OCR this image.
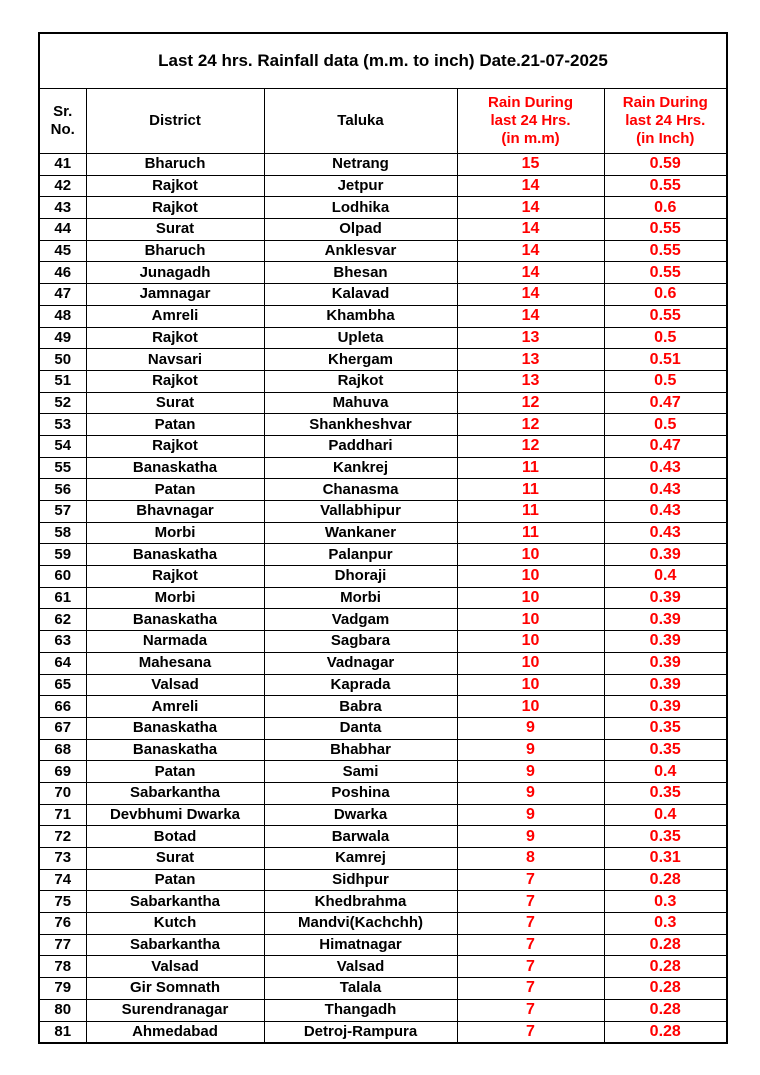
Last 24 hrs. Rainfall data (m.m. to inch) Date.21-07-2025
Sr.
No.	District	Taluka	Rain During
last 24 Hrs.
(in m.m)	Rain During
last 24 Hrs.
(in Inch)
41	Bharuch	Netrang	15	0.59
42	Rajkot	Jetpur	14	0.55
43	Rajkot	Lodhika	14	0.6
44	Surat	Olpad	14	0.55
45	Bharuch	Anklesvar	14	0.55
46	Junagadh	Bhesan	14	0.55
47	Jamnagar	Kalavad	14	0.6
48	Amreli	Khambha	14	0.55
49	Rajkot	Upleta	13	0.5
50	Navsari	Khergam	13	0.51
51	Rajkot	Rajkot	13	0.5
52	Surat	Mahuva	12	0.47
53	Patan	Shankheshvar	12	0.5
54	Rajkot	Paddhari	12	0.47
55	Banaskatha	Kankrej	11	0.43
56	Patan	Chanasma	11	0.43
57	Bhavnagar	Vallabhipur	11	0.43
58	Morbi	Wankaner	11	0.43
59	Banaskatha	Palanpur	10	0.39
60	Rajkot	Dhoraji	10	0.4
61	Morbi	Morbi	10	0.39
62	Banaskatha	Vadgam	10	0.39
63	Narmada	Sagbara	10	0.39
64	Mahesana	Vadnagar	10	0.39
65	Valsad	Kaprada	10	0.39
66	Amreli	Babra	10	0.39
67	Banaskatha	Danta	9	0.35
68	Banaskatha	Bhabhar	9	0.35
69	Patan	Sami	9	0.4
70	Sabarkantha	Poshina	9	0.35
71	Devbhumi Dwarka	Dwarka	9	0.4
72	Botad	Barwala	9	0.35
73	Surat	Kamrej	8	0.31
74	Patan	Sidhpur	7	0.28
75	Sabarkantha	Khedbrahma	7	0.3
76	Kutch	Mandvi(Kachchh)	7	0.3
77	Sabarkantha	Himatnagar	7	0.28
78	Valsad	Valsad	7	0.28
79	Gir Somnath	Talala	7	0.28
80	Surendranagar	Thangadh	7	0.28
81	Ahmedabad	Detroj-Rampura	7	0.28
